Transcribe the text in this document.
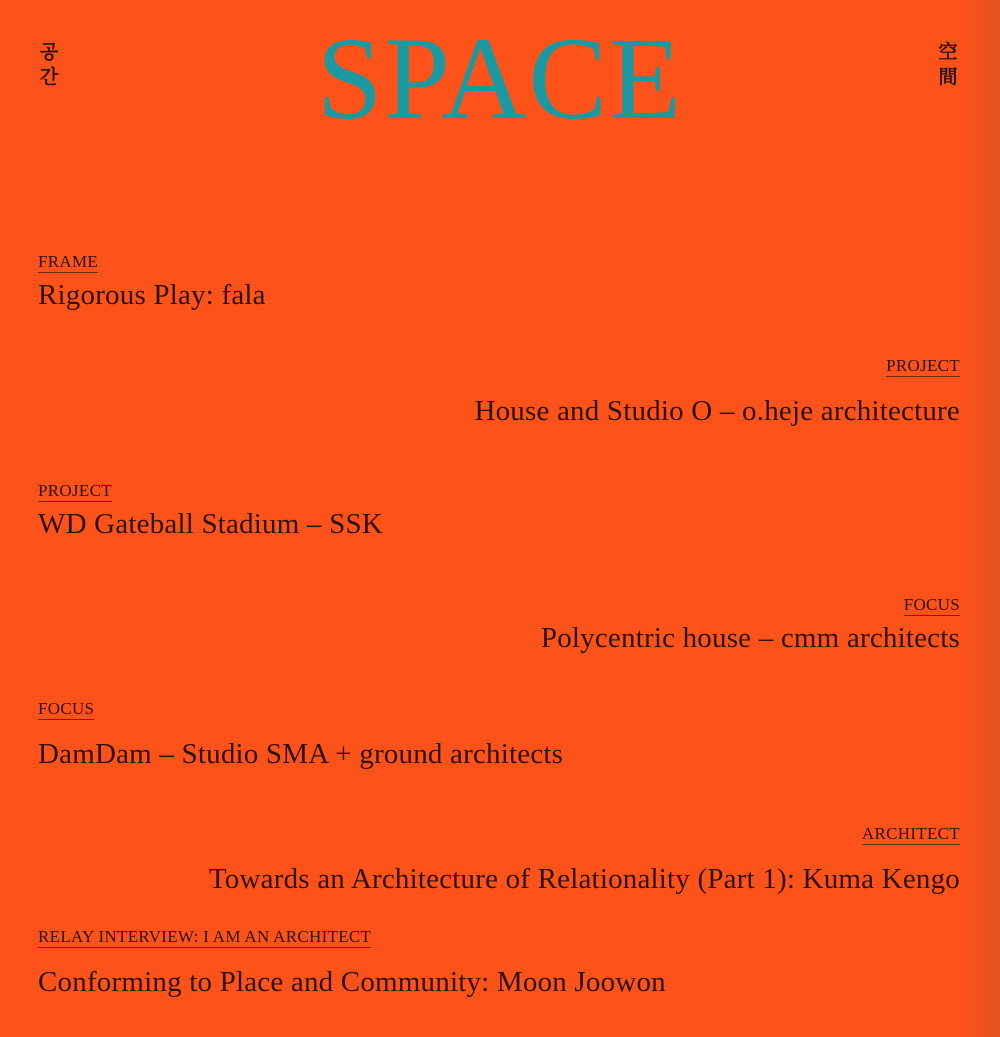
공
간	SPACE	空
間
FRAME
Rigorous Play: fala
PROJECT
House and Studio O – o.heje architecture
PROJECT
WD Gateball Stadium – SSK
FOCUS
Polycentric house – cmm architects
FOCUS
DamDam – Studio SMA + ground architects
ARCHITECT
Towards an Architecture of Relationality (Part 1): Kuma Kengo
RELAY INTERVIEW: I AM AN ARCHITECT
Conforming to Place and Community: Moon Joowon
